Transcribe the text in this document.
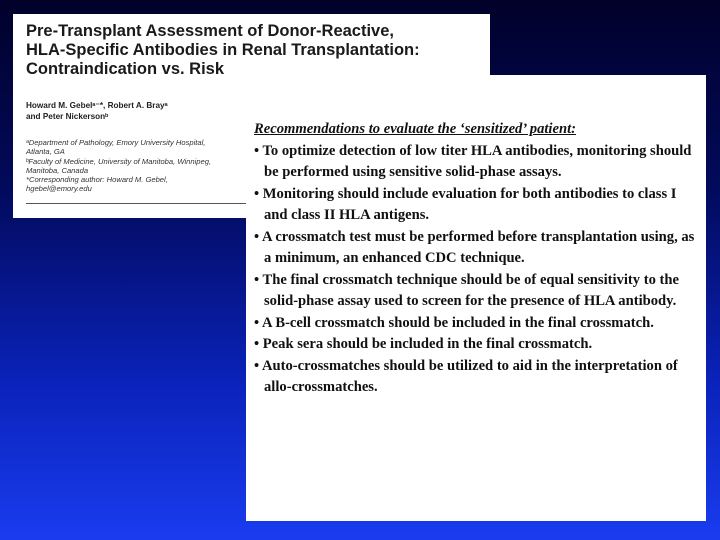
Pre-Transplant Assessment of Donor-Reactive,
HLA-Specific Antibodies in Renal Transplantation:
Contraindication vs. Risk
Howard M. Gebelᵃ⁻*, Robert A. Brayᵃ
and Peter Nickersonᵇ
ᵃDepartment of Pathology, Emory University Hospital,
Atlanta, GA
ᵇFaculty of Medicine, University of Manitoba, Winnipeg,
Manitoba, Canada
*Corresponding author: Howard M. Gebel,
hgebel@emory.edu
Recommendations to evaluate the ‘sensitized’ patient:
• To optimize detection of low titer HLA antibodies, monitoring should be performed using sensitive solid-phase assays.
• Monitoring should include evaluation for both antibodies to class I and class II HLA antigens.
• A crossmatch test must be performed before transplantation using, as a minimum, an enhanced CDC technique.
• The final crossmatch technique should be of equal sensitivity to the solid-phase assay used to screen for the presence of HLA antibody.
• A B-cell crossmatch should be included in the final crossmatch.
• Peak sera should be included in the final crossmatch.
• Auto-crossmatches should be utilized to aid in the interpretation of allo-crossmatches.
